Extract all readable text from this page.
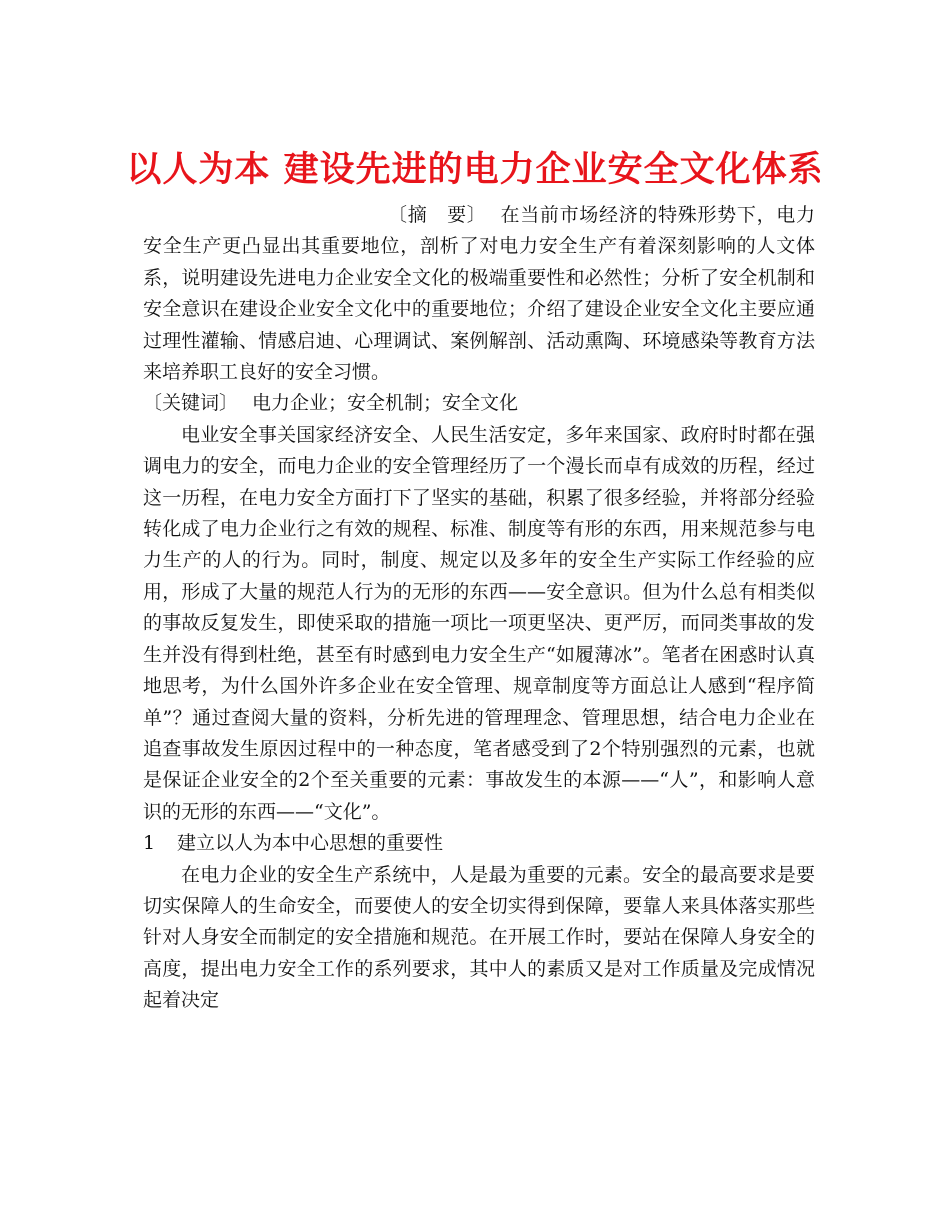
以人为本 建设先进的电力企业安全文化体系

〔摘　要〕 在当前市场经济的特殊形势下，电力安全生产更凸显出其重要地位，剖析了对电力安全生产有着深刻影响的人文体系，说明建设先进电力企业安全文化的极端重要性和必然性；分析了安全机制和安全意识在建设企业安全文化中的重要地位；介绍了建设企业安全文化主要应通过理性灌输、情感启迪、心理调试、案例解剖、活动熏陶、环境感染等教育方法来培养职工良好的安全习惯。

〔关键词〕 电力企业；安全机制；安全文化

电业安全事关国家经济安全、人民生活安定，多年来国家、政府时时都在强调电力的安全，而电力企业的安全管理经历了一个漫长而卓有成效的历程，经过这一历程，在电力安全方面打下了坚实的基础，积累了很多经验，并将部分经验转化成了电力企业行之有效的规程、标准、制度等有形的东西，用来规范参与电力生产的人的行为。同时，制度、规定以及多年的安全生产实际工作经验的应用，形成了大量的规范人行为的无形的东西——安全意识。但为什么总有相类似的事故反复发生，即使采取的措施一项比一项更坚决、更严厉，而同类事故的发生并没有得到杜绝，甚至有时感到电力安全生产“如履薄冰”。笔者在困惑时认真地思考，为什么国外许多企业在安全管理、规章制度等方面总让人感到“程序简单”？通过查阅大量的资料，分析先进的管理理念、管理思想，结合电力企业在追查事故发生原因过程中的一种态度，笔者感受到了2个特别强烈的元素，也就是保证企业安全的2个至关重要的元素：事故发生的本源——“人”，和影响人意识的无形的东西——“文化”。

1 建立以人为本中心思想的重要性

在电力企业的安全生产系统中，人是最为重要的元素。安全的最高要求是要切实保障人的生命安全，而要使人的安全切实得到保障，要靠人来具体落实那些针对人身安全而制定的安全措施和规范。在开展工作时，要站在保障人身安全的高度，提出电力安全工作的系列要求，其中人的素质又是对工作质量及完成情况起着决定
